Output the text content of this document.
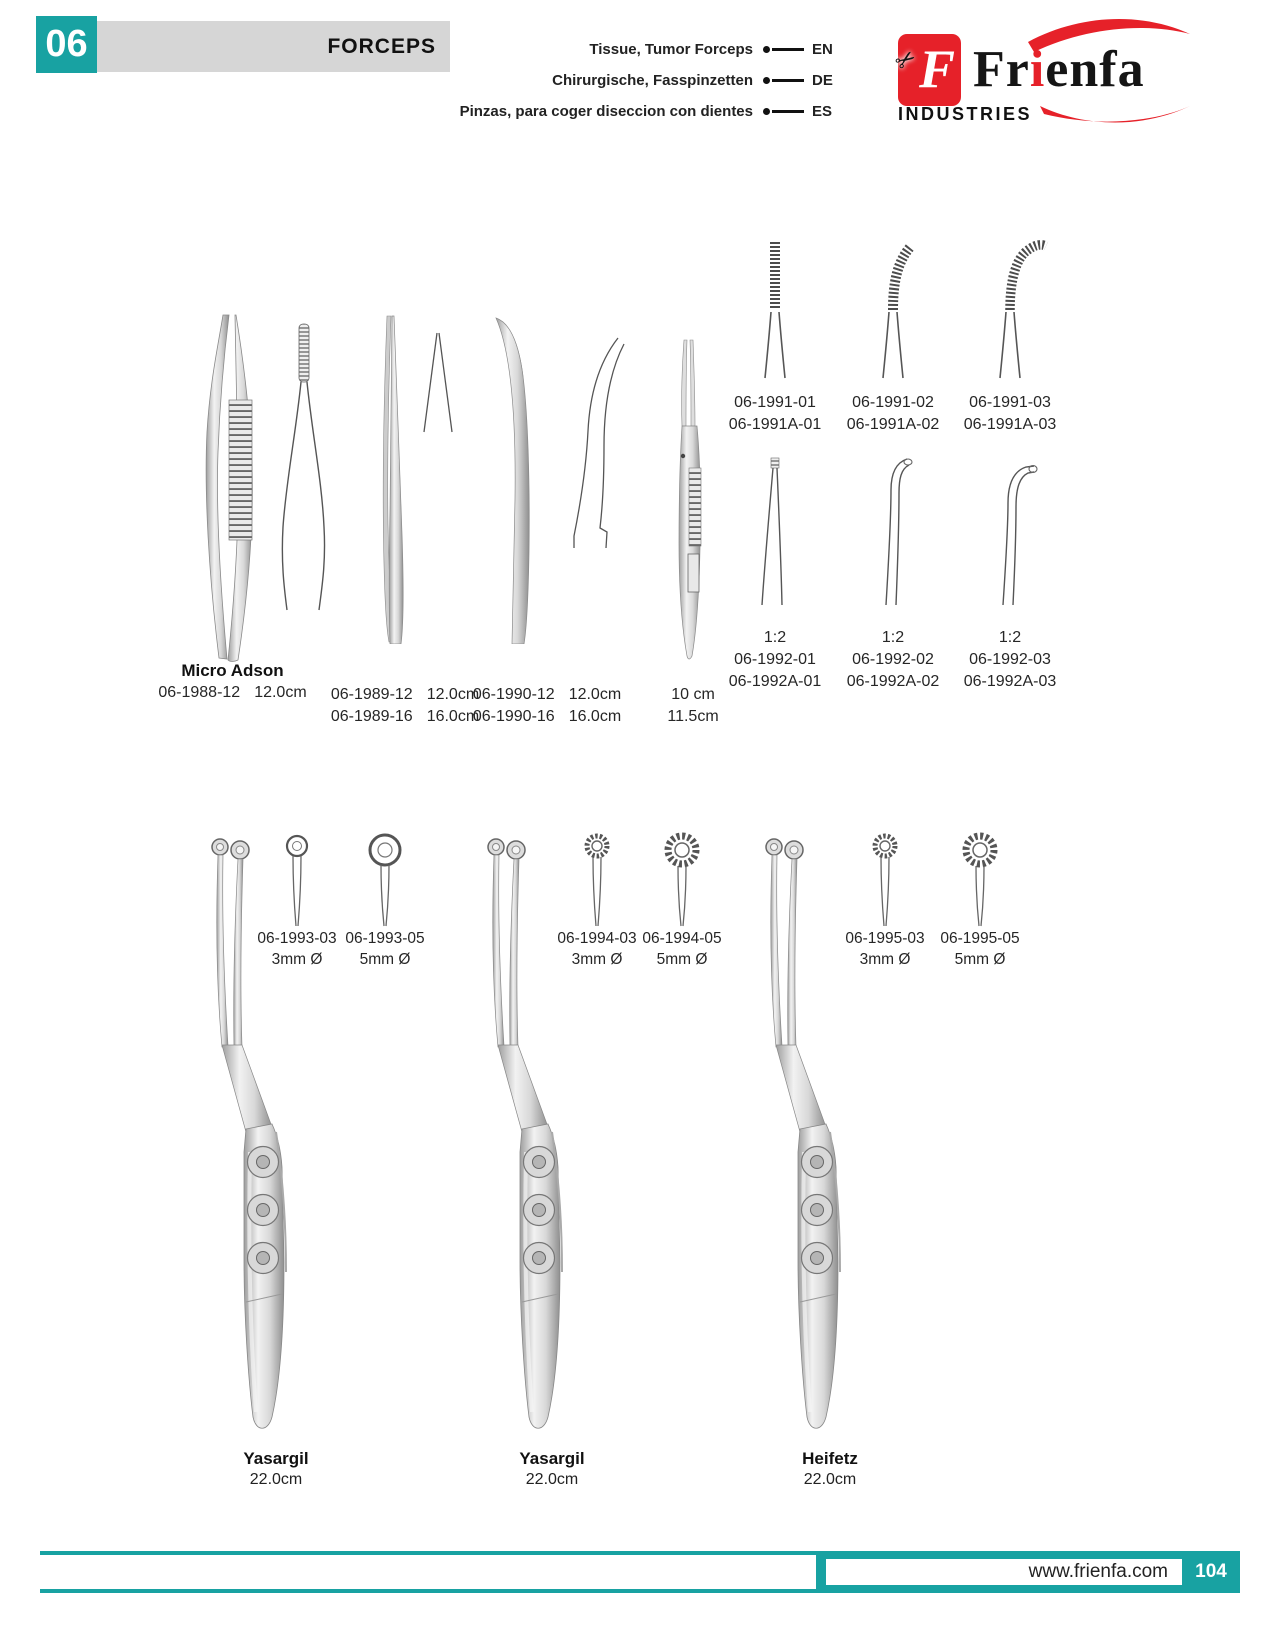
06	FORCEPS	Tissue, Tumor Forceps	EN
Chirurgische, Fasspinzetten	DE
Pinzas, para coger diseccion con dientes	ES
F
✂ Frienfa
INDUSTRIES
Micro Adson
06-1988-12 12.0cm 06-1989-12 12.0cm
06-1989-16 16.0cm
06-1990-12 12.0cm
06-1990-16 16.0cm
10 cm
11.5cm
06-1991-01
06-1991A-01
06-1991-02
06-1991A-02
06-1991-03
06-1991A-03
1:2
06-1992-01
06-1992A-01
1:2
06-1992-02
06-1992A-02
1:2
06-1992-03
06-1992A-03
06-1993-03
3mm Ø
06-1993-05
5mm Ø
06-1994-03
3mm Ø
06-1994-05
5mm Ø
06-1995-03
3mm Ø
06-1995-05
5mm Ø
Yasargil
22.0cm
Yasargil
22.0cm
Heifetz
22.0cm
www.frienfa.com	104
